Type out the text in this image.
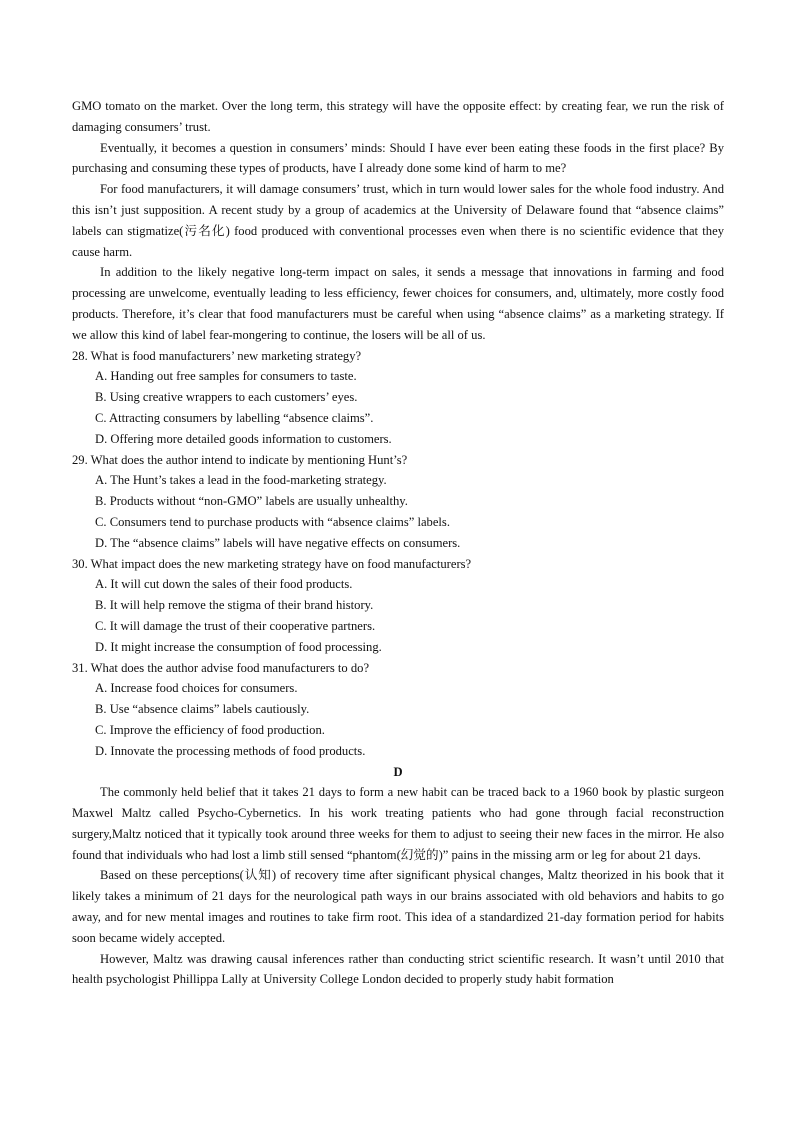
GMO tomato on the market. Over the long term, this strategy will have the opposite effect: by creating fear, we run the risk of damaging consumers’ trust.

Eventually, it becomes a question in consumers’ minds: Should I have ever been eating these foods in the first place? By purchasing and consuming these types of products, have I already done some kind of harm to me?

For food manufacturers, it will damage consumers’ trust, which in turn would lower sales for the whole food industry. And this isn’t just supposition. A recent study by a group of academics at the University of Delaware found that “absence claims” labels can stigmatize(污名化) food produced with conventional processes even when there is no scientific evidence that they cause harm.

In addition to the likely negative long-term impact on sales, it sends a message that innovations in farming and food processing are unwelcome, eventually leading to less efficiency, fewer choices for consumers, and, ultimately, more costly food products. Therefore, it’s clear that food manufacturers must be careful when using “absence claims” as a marketing strategy. If we allow this kind of label fear-mongering to continue, the losers will be all of us.

28. What is food manufacturers’ new marketing strategy?

A. Handing out free samples for consumers to taste.

B. Using creative wrappers to each customers’ eyes.

C. Attracting consumers by labelling “absence claims”.

D. Offering more detailed goods information to customers.

29. What does the author intend to indicate by mentioning Hunt’s?

A. The Hunt’s takes a lead in the food-marketing strategy.

B. Products without “non-GMO” labels are usually unhealthy.

C. Consumers tend to purchase products with “absence claims” labels.

D. The “absence claims” labels will have negative effects on consumers.

30. What impact does the new marketing strategy have on food manufacturers?

A. It will cut down the sales of their food products.

B. It will help remove the stigma of their brand history.

C. It will damage the trust of their cooperative partners.

D. It might increase the consumption of food processing.

31. What does the author advise food manufacturers to do?

A. Increase food choices for consumers.

B. Use “absence claims” labels cautiously.

C. Improve the efficiency of food production.

D. Innovate the processing methods of food products.

D

The commonly held belief that it takes 21 days to form a new habit can be traced back to a 1960 book by plastic surgeon Maxwel Maltz called Psycho-Cybernetics. In his work treating patients who had gone through facial reconstruction surgery,Maltz noticed that it typically took around three weeks for them to adjust to seeing their new faces in the mirror. He also found that individuals who had lost a limb still sensed “phantom(幻觉的)” pains in the missing arm or leg for about 21 days.

Based on these perceptions(认知) of recovery time after significant physical changes, Maltz theorized in his book that it likely takes a minimum of 21 days for the neurological path ways in our brains associated with old behaviors and habits to go away, and for new mental images and routines to take firm root. This idea of a standardized 21-day formation period for habits soon became widely accepted.

However, Maltz was drawing causal inferences rather than conducting strict scientific research. It wasn’t until 2010 that health psychologist Phillippa Lally at University College London decided to properly study habit formation
